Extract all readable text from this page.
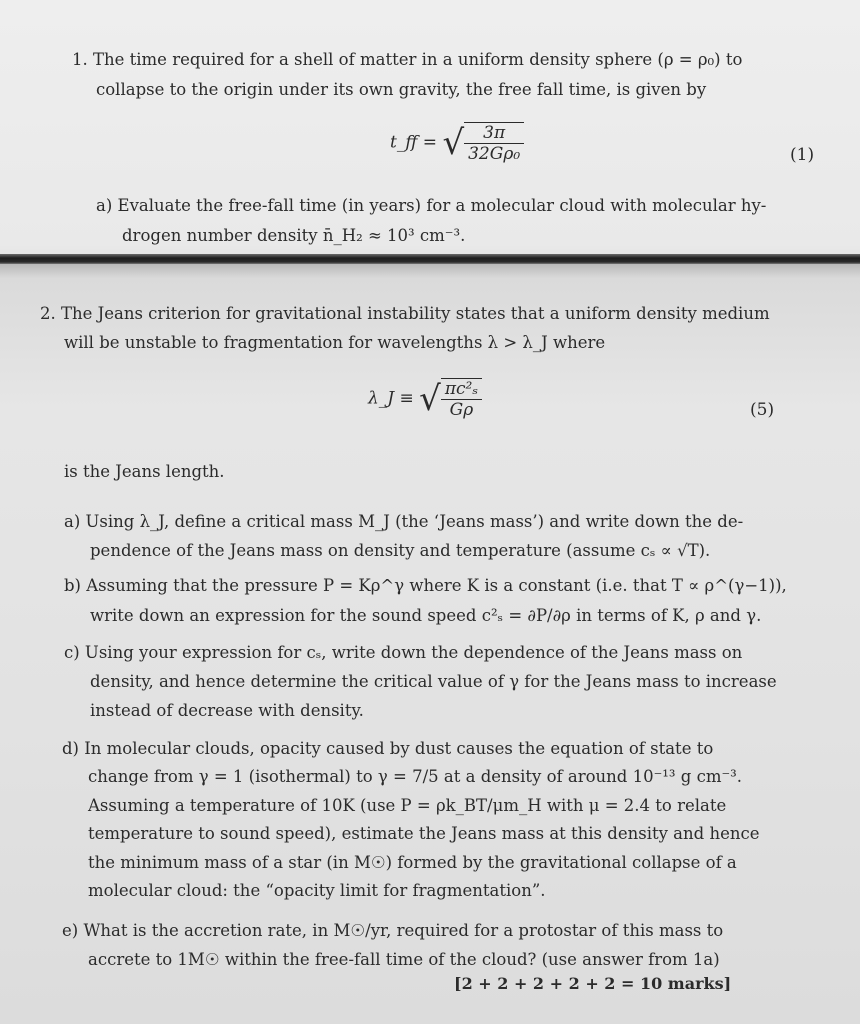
1. The time required for a shell of matter in a uniform density sphere (ρ = ρ₀) to
collapse to the origin under its own gravity, the free fall time, is given by
t_ff = √ $\frac{3\pi}{\text{32Gρ₀}}$	(1)
a) Evaluate the free-fall time (in years) for a molecular cloud with molecular hy-
drogen number density n̄_H₂ ≈ 10³ cm⁻³.
2. The Jeans criterion for gravitational instability states that a uniform density medium
will be unstable to fragmentation for wavelengths λ > λ_J where
λ_J ≡ √ $\frac{\text{πc²ₛ}}{G\rho}$	(5)
is the Jeans length.
a) Using λ_J, define a critical mass M_J (the ‘Jeans mass’) and write down the de-
pendence of the Jeans mass on density and temperature (assume cₛ ∝ √T).
b) Assuming that the pressure P = Kρ^γ where K is a constant (i.e. that T ∝ ρ^(γ−1)),
write down an expression for the sound speed c²ₛ = ∂P/∂ρ in terms of K, ρ and γ.
c) Using your expression for cₛ, write down the dependence of the Jeans mass on
density, and hence determine the critical value of γ for the Jeans mass to increase
instead of decrease with density.
d) In molecular clouds, opacity caused by dust causes the equation of state to
change from γ = 1 (isothermal) to γ = 7/5 at a density of around 10⁻¹³ g cm⁻³.
Assuming a temperature of 10K (use P = ρk_BT/μm_H with μ = 2.4 to relate
temperature to sound speed), estimate the Jeans mass at this density and hence
the minimum mass of a star (in M☉) formed by the gravitational collapse of a
molecular cloud: the “opacity limit for fragmentation”.
e) What is the accretion rate, in M☉/yr, required for a protostar of this mass to
accrete to 1M☉ within the free-fall time of the cloud? (use answer from 1a)
[2 + 2 + 2 + 2 + 2 = 10 marks]
